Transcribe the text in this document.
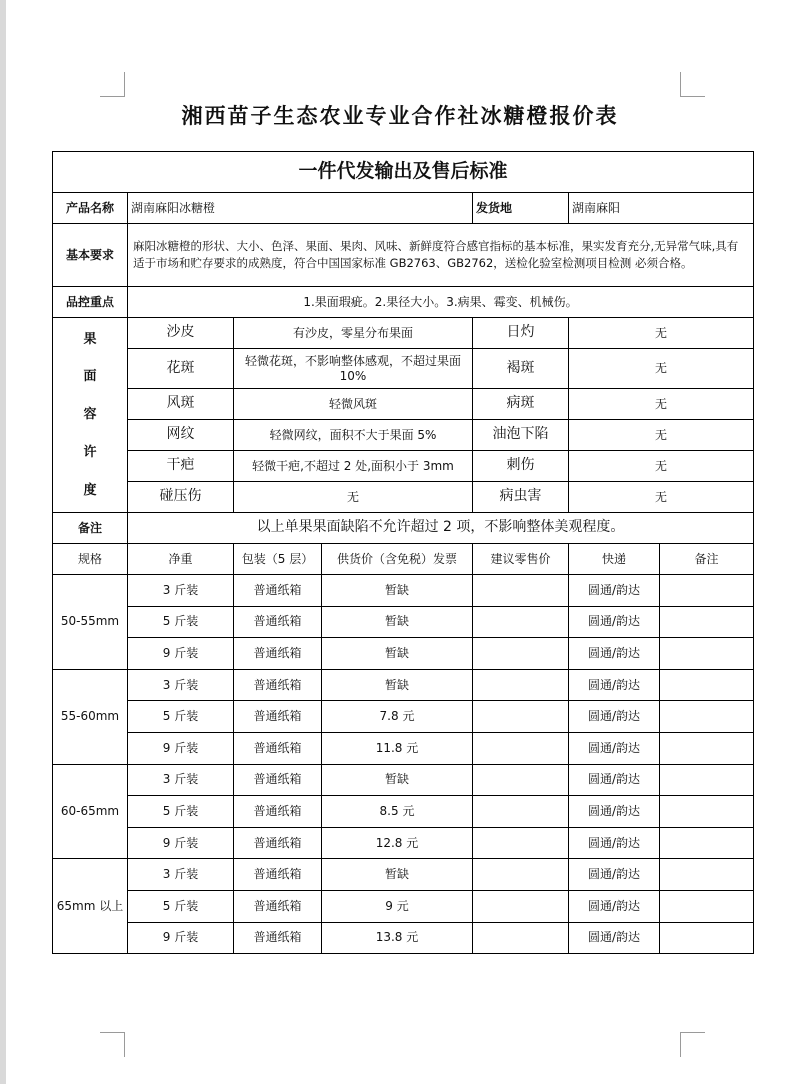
湘西苗子生态农业专业合作社冰糖橙报价表
一件代发输出及售后标准						
产品名称	湖南麻阳冰糖橙			发货地	湖南麻阳	
基本要求	麻阳冰糖橙的形状、大小、色泽、果面、果肉、风味、新鲜度符合感官指标的基本标准，果实发育充分,无异常气味,具有适于市场和贮存要求的成熟度，符合中国国家标准 GB2763、GB2762，送检化验室检测项目检测 必须合格。					
品控重点	1.果面瑕疵。2.果径大小。3.病果、霉变、机械伤。					

果
面
容
许
度	沙皮	有沙皮，零星分布果面		日灼	无	
	花斑	轻微花斑，不影响整体感观，不超过果面 10%		褐斑	无	
	风斑	轻微风斑		病斑	无	
	网纹	轻微网纹，面积不大于果面 5%		油泡下陷	无	
	干疤	轻微干疤,不超过 2 处,面积小于 3mm		刺伤	无	
	碰压伤	无		病虫害	无	
备注	以上单果果面缺陷不允许超过 2 项，不影响整体美观程度。					
规格	净重	包装（5 层）	供货价（含免税）发票	建议零售价	快递	备注
50-55mm	3 斤装	普通纸箱	暂缺		圆通/韵达	
	5 斤装	普通纸箱	暂缺		圆通/韵达	
	9 斤装	普通纸箱	暂缺		圆通/韵达	
55-60mm	3 斤装	普通纸箱	暂缺		圆通/韵达	
	5 斤装	普通纸箱	7.8 元		圆通/韵达	
	9 斤装	普通纸箱	11.8 元		圆通/韵达	
60-65mm	3 斤装	普通纸箱	暂缺		圆通/韵达	
	5 斤装	普通纸箱	8.5 元		圆通/韵达	
	9 斤装	普通纸箱	12.8 元		圆通/韵达	
65mm 以上	3 斤装	普通纸箱	暂缺		圆通/韵达	
	5 斤装	普通纸箱	9 元		圆通/韵达	
	9 斤装	普通纸箱	13.8 元		圆通/韵达	
